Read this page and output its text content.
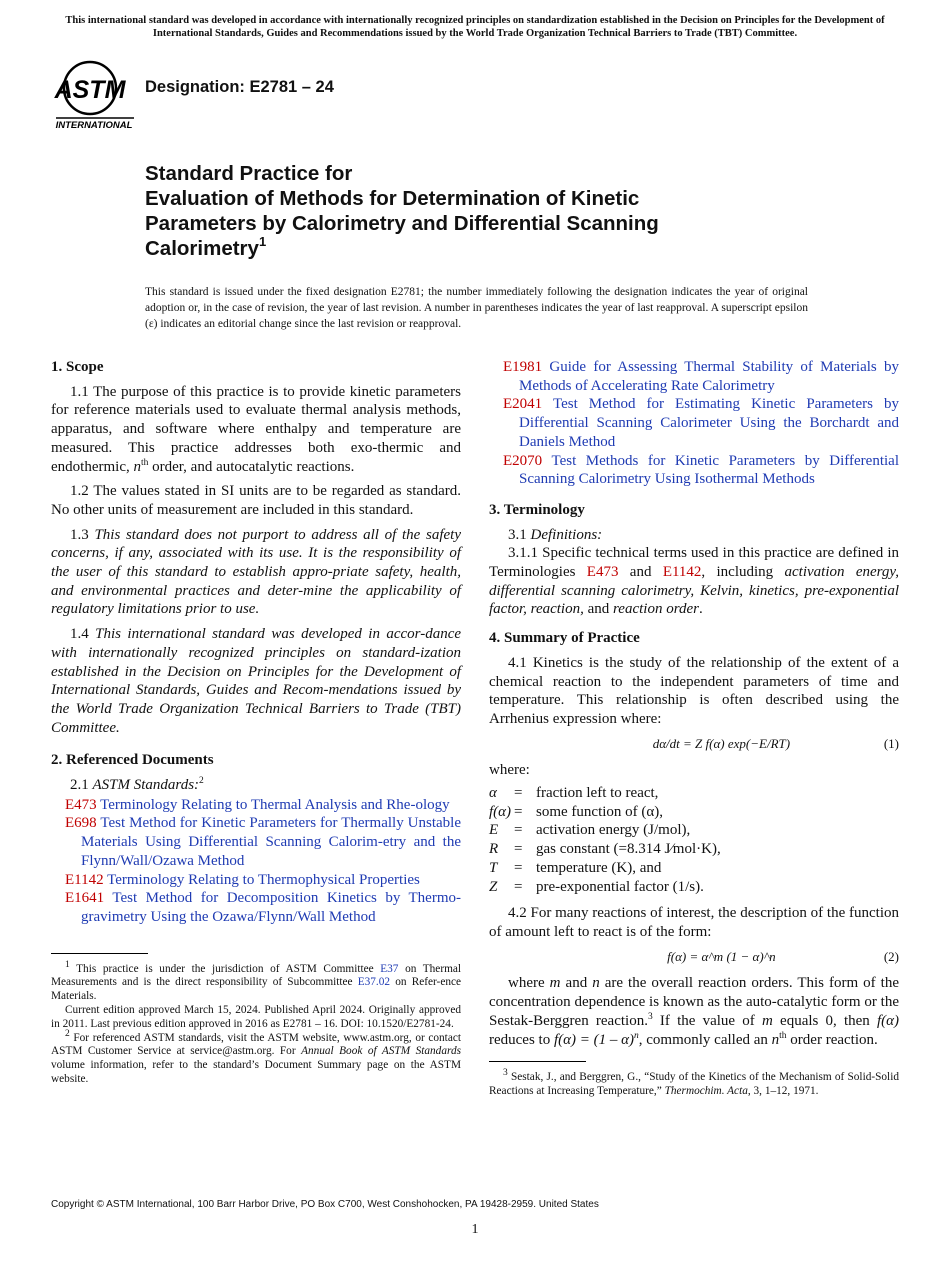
This international standard was developed in accordance with internationally recognized principles on standardization established in the Decision on Principles for the Development of International Standards, Guides and Recommendations issued by the World Trade Organization Technical Barriers to Trade (TBT) Committee.
ASTM
INTERNATIONAL
Designation: E2781 – 24
Standard Practice for
Evaluation of Methods for Determination of Kinetic
Parameters by Calorimetry and Differential Scanning
Calorimetry$^1$
This standard is issued under the fixed designation E2781; the number immediately following the designation indicates the year of original adoption or, in the case of revision, the year of last revision. A number in parentheses indicates the year of last reapproval. A superscript epsilon (ε) indicates an editorial change since the last revision or reapproval.
1. Scope

1.1 The purpose of this practice is to provide kinetic parameters for reference materials used to evaluate thermal analysis methods, apparatus, and software where enthalpy and temperature are measured. This practice addresses both exo-thermic and endothermic, $n^{th}$ order, and autocatalytic reactions.

1.2 The values stated in SI units are to be regarded as standard. No other units of measurement are included in this standard.

1.3 This standard does not purport to address all of the safety concerns, if any, associated with its use. It is the responsibility of the user of this standard to establish appro-priate safety, health, and environmental practices and deter-mine the applicability of regulatory limitations prior to use.

1.4 This international standard was developed in accor-dance with internationally recognized principles on standard-ization established in the Decision on Principles for the Development of International Standards, Guides and Recom-mendations issued by the World Trade Organization Technical Barriers to Trade (TBT) Committee.

2. Referenced Documents
2.1 ASTM Standards:$^2$
E473 Terminology Relating to Thermal Analysis and Rhe-ology
E698 Test Method for Kinetic Parameters for Thermally Unstable Materials Using Differential Scanning Calorim-etry and the Flynn/Wall/Ozawa Method
E1142 Terminology Relating to Thermophysical Properties
E1641 Test Method for Decomposition Kinetics by Thermo-gravimetry Using the Ozawa/Flynn/Wall Method

$^1$ This practice is under the jurisdiction of ASTM Committee E37 on Thermal Measurements and is the direct responsibility of Subcommittee E37.02 on Refer-ence Materials.

Current edition approved March 15, 2024. Published April 2024. Originally approved in 2011. Last previous edition approved in 2016 as E2781 – 16. DOI: 10.1520/E2781-24.

$^2$ For referenced ASTM standards, visit the ASTM website, www.astm.org, or contact ASTM Customer Service at service@astm.org. For Annual Book of ASTM Standards volume information, refer to the standard’s Document Summary page on the ASTM website.

E1981 Guide for Assessing Thermal Stability of Materials by Methods of Accelerating Rate Calorimetry
E2041 Test Method for Estimating Kinetic Parameters by Differential Scanning Calorimeter Using the Borchardt and Daniels Method
E2070 Test Methods for Kinetic Parameters by Differential Scanning Calorimetry Using Isothermal Methods
3. Terminology
3.1 Definitions:

3.1.1 Specific technical terms used in this practice are defined in Terminologies E473 and E1142, including activation energy, differential scanning calorimetry, Kelvin, kinetics, pre-exponential factor, reaction, and reaction order.

4. Summary of Practice

4.1 Kinetics is the study of the relationship of the extent of a chemical reaction to the independent parameters of time and temperature. This relationship is often described using the Arrhenius expression where:

dα/dt = Z f(α) exp(−E/RT)	(1)
where:
α	= fraction left to react,
f(α) = some function of (α),
E	= activation energy (J/mol),
R	= gas constant (=8.314 J⁄mol·K),
T	= temperature (K), and
Z	= pre-exponential factor (1/s).

4.2 For many reactions of interest, the description of the function of amount left to react is of the form:

f(α) = α^m (1 − α)^n	(2)

where m and n are the overall reaction orders. This form of the concentration dependence is known as the auto-catalytic form or the Sestak-Berggren reaction.$^3$ If the value of m equals 0, then f(α) reduces to f(α) = (1 – α)$^n$, commonly called an $n^{th}$ order reaction.

$^3$ Sestak, J., and Berggren, G., “Study of the Kinetics of the Mechanism of Solid-Solid Reactions at Increasing Temperature,” Thermochim. Acta, 3, 1–12, 1971.

Copyright © ASTM International, 100 Barr Harbor Drive, PO Box C700, West Conshohocken, PA 19428-2959. United States
1
